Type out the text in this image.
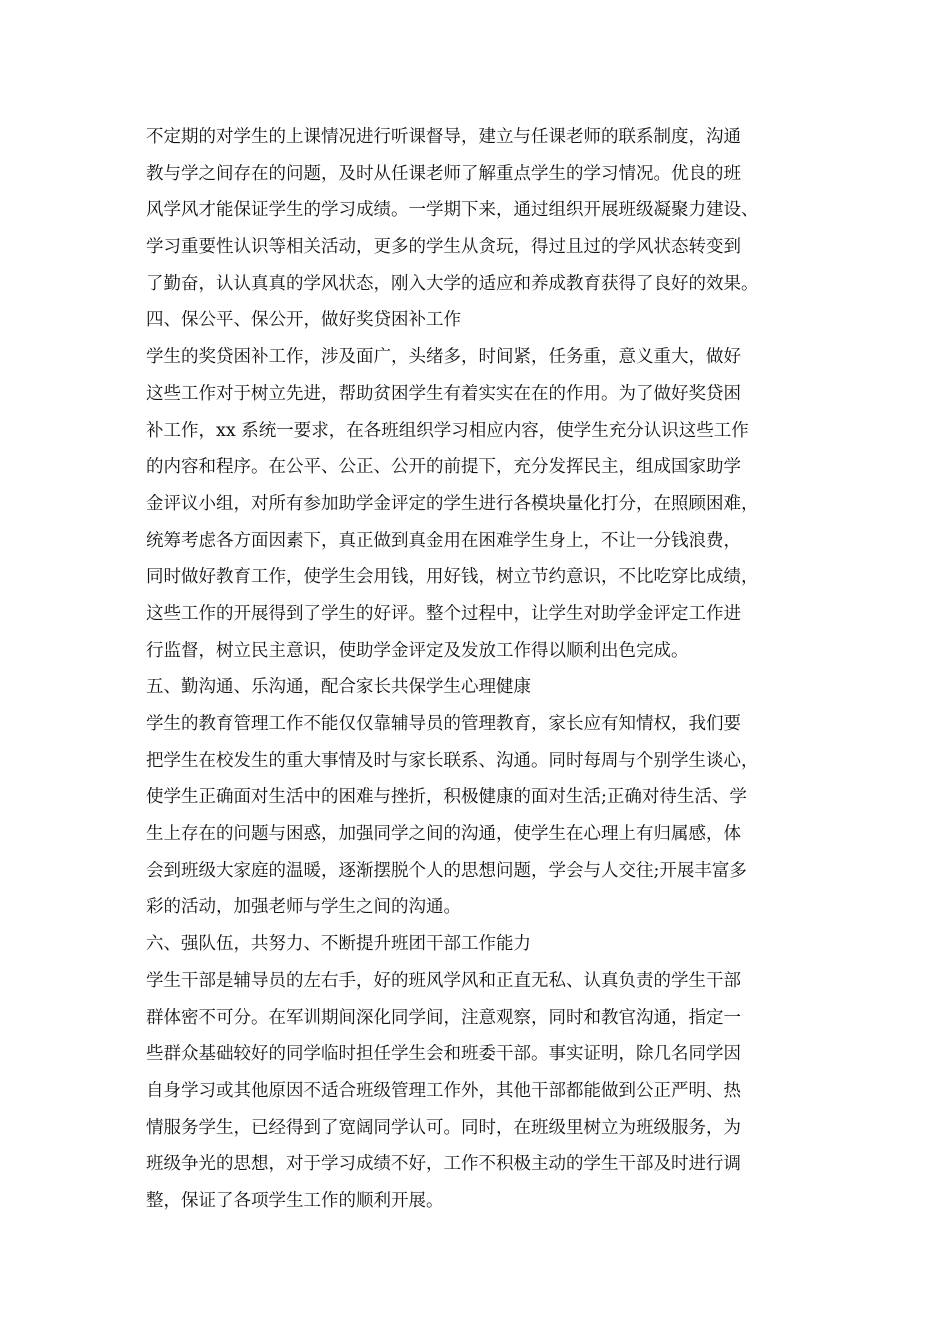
不定期的对学生的上课情况进行听课督导，建立与任课老师的联系制度，沟通
教与学之间存在的问题，及时从任课老师了解重点学生的学习情况。优良的班
风学风才能保证学生的学习成绩。一学期下来，通过组织开展班级凝聚力建设、
学习重要性认识等相关活动，更多的学生从贪玩，得过且过的学风状态转变到
了勤奋，认认真真的学风状态，刚入大学的适应和养成教育获得了良好的效果。
四、保公平、保公开，做好奖贷困补工作
学生的奖贷困补工作，涉及面广，头绪多，时间紧，任务重，意义重大，做好
这些工作对于树立先进，帮助贫困学生有着实实在在的作用。为了做好奖贷困
补工作，xx 系统一要求，在各班组织学习相应内容，使学生充分认识这些工作
的内容和程序。在公平、公正、公开的前提下，充分发挥民主，组成国家助学
金评议小组，对所有参加助学金评定的学生进行各模块量化打分，在照顾困难，
统筹考虑各方面因素下，真正做到真金用在困难学生身上，不让一分钱浪费，
同时做好教育工作，使学生会用钱，用好钱，树立节约意识，不比吃穿比成绩，
这些工作的开展得到了学生的好评。整个过程中，让学生对助学金评定工作进
行监督，树立民主意识，使助学金评定及发放工作得以顺利出色完成。
五、勤沟通、乐沟通，配合家长共保学生心理健康
学生的教育管理工作不能仅仅靠辅导员的管理教育，家长应有知情权，我们要
把学生在校发生的重大事情及时与家长联系、沟通。同时每周与个别学生谈心，
使学生正确面对生活中的困难与挫折，积极健康的面对生活;正确对待生活、学
生上存在的问题与困惑，加强同学之间的沟通，使学生在心理上有归属感，体
会到班级大家庭的温暖，逐渐摆脱个人的思想问题，学会与人交往;开展丰富多
彩的活动，加强老师与学生之间的沟通。
六、强队伍，共努力、不断提升班团干部工作能力
学生干部是辅导员的左右手，好的班风学风和正直无私、认真负责的学生干部
群体密不可分。在军训期间深化同学间，注意观察，同时和教官沟通，指定一
些群众基础较好的同学临时担任学生会和班委干部。事实证明，除几名同学因
自身学习或其他原因不适合班级管理工作外，其他干部都能做到公正严明、热
情服务学生，已经得到了宽阔同学认可。同时，在班级里树立为班级服务，为
班级争光的思想，对于学习成绩不好，工作不积极主动的学生干部及时进行调
整，保证了各项学生工作的顺利开展。
